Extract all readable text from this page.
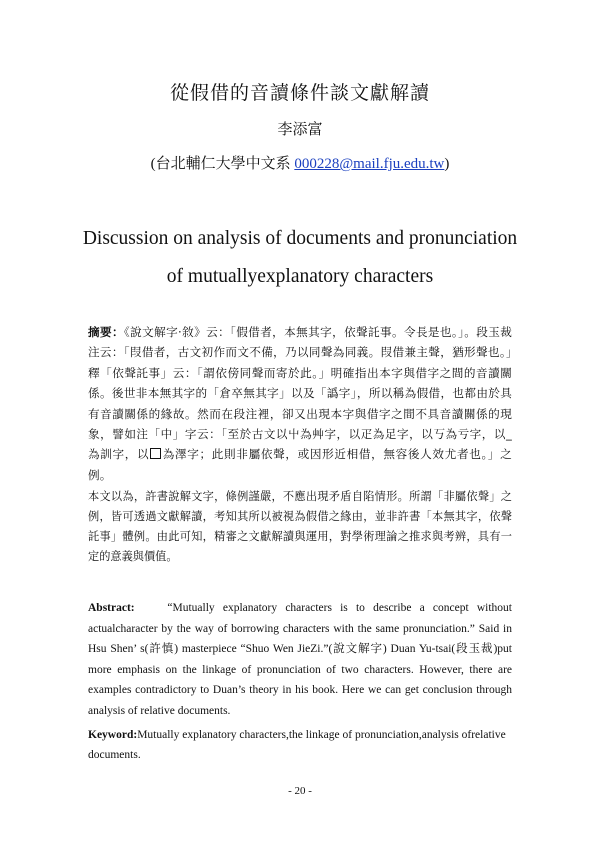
從假借的音讀條件談文獻解讀
李添富
(台北輔仁大學中文系 000228@mail.fju.edu.tw)
Discussion on analysis of documents and pronunciation
of mutuallyexplanatory characters
摘要：《說文解字‧敘》云：「假借者，本無其字，依聲託事。令長是也。」。段玉裁注云：「叚借者，古文初作而文不備，乃以同聲為同義。叚借兼主聲，猶形聲也。」釋「依聲託事」云：「謂依傍同聲而寄於此。」明確指出本字與借字之間的音讀關係。後世非本無其字的「倉卒無其字」以及「譌字」，所以稱為假借，也都由於具有音讀關係的緣故。然而在段注裡，卻又出現本字與借字之間不具音讀關係的現象，譬如注「中」字云：「至於古文以屮為艸字，以疋為足字，以丂為亏字，以_為訓字，以 為澤字；此則非屬依聲，或因形近相借，無容後人效尤者也。」之例。
本文以為，許書說解文字，條例謹嚴，不應出現矛盾自陷情形。所謂「非屬依聲」之例，皆可透過文獻解讀，考知其所以被視為假借之緣由，並非許書「本無其字，依聲託事」體例。由此可知，精審之文獻解讀與運用，對學術理論之推求與考辨，具有一定的意義與價值。
Abstract:	“Mutually explanatory characters is to describe a concept without actualcharacter by the way of borrowing characters with the same pronunciation.” Said in Hsu Shen’ s(許慎) masterpiece “Shuo Wen JieZi.”(說文解字) Duan Yu-tsai(段玉裁)put more emphasis on the linkage of pronunciation of two characters. However, there are examples contradictory to Duan’s theory in his book. Here we can get conclusion through analysis of relative documents.
Keyword:Mutually explanatory characters,the linkage of pronunciation,analysis ofrelative documents.
- 20 -
